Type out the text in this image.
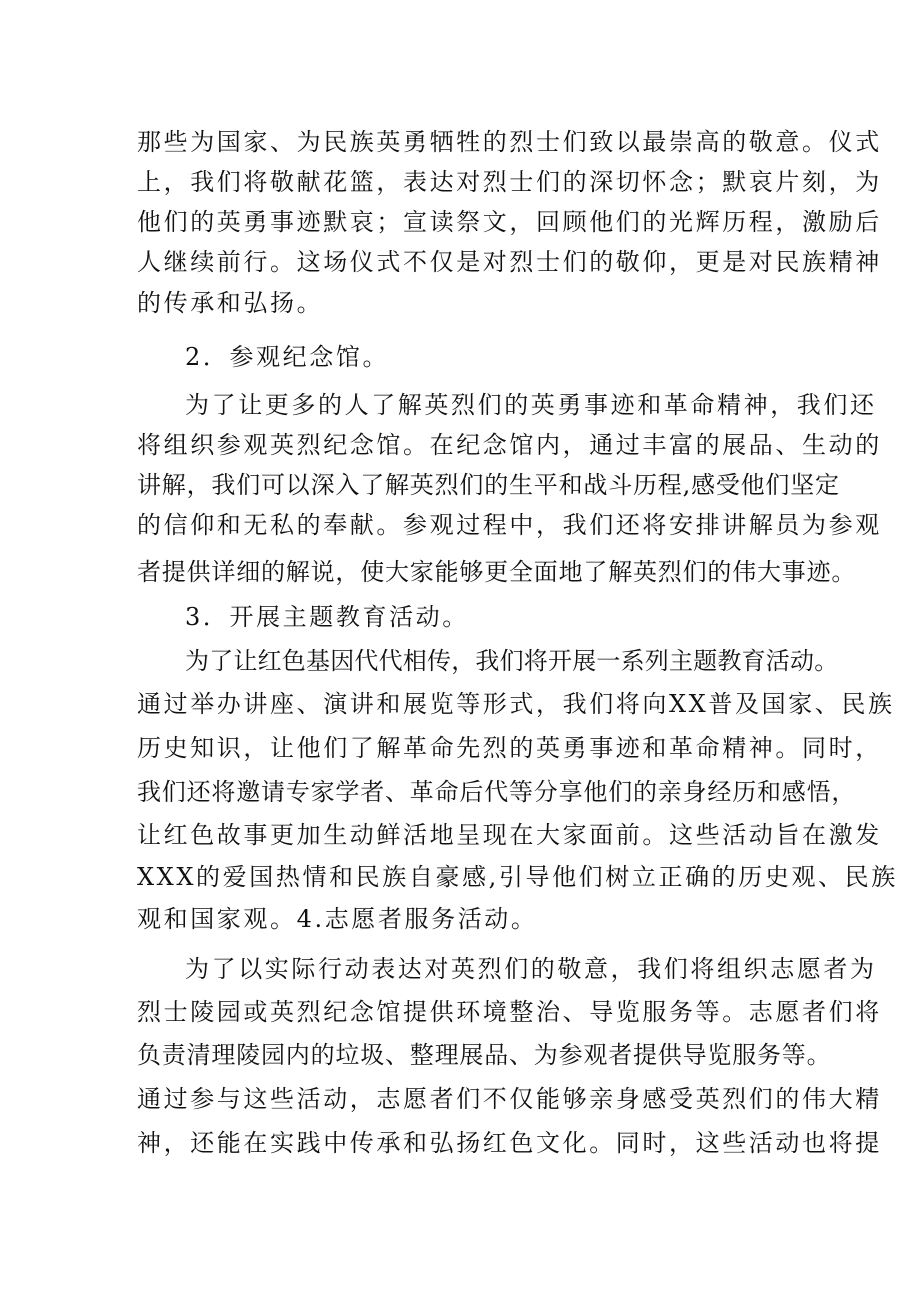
那些为国家、为民族英勇牺牲的烈士们致以最崇高的敬意。仪式
上，我们将敬献花篮，表达对烈士们的深切怀念；默哀片刻，为
他们的英勇事迹默哀；宣读祭文，回顾他们的光辉历程，激励后
人继续前行。这场仪式不仅是对烈士们的敬仰，更是对民族精神
的传承和弘扬。
2．参观纪念馆。
为了让更多的人了解英烈们的英勇事迹和革命精神，我们还
将组织参观英烈纪念馆。在纪念馆内，通过丰富的展品、生动的
讲解，我们可以深入了解英烈们的生平和战斗历程,感受他们坚定
的信仰和无私的奉献。参观过程中，我们还将安排讲解员为参观
者提供详细的解说，使大家能够更全面地了解英烈们的伟大事迹。
3．开展主题教育活动。
为了让红色基因代代相传，我们将开展一系列主题教育活动。
通过举办讲座、演讲和展览等形式，我们将向XX普及国家、民族
历史知识，让他们了解革命先烈的英勇事迹和革命精神。同时，
我们还将邀请专家学者、革命后代等分享他们的亲身经历和感悟，
让红色故事更加生动鲜活地呈现在大家面前。这些活动旨在激发
XXX的爱国热情和民族自豪感,引导他们树立正确的历史观、民族
观和国家观。4.志愿者服务活动。
为了以实际行动表达对英烈们的敬意，我们将组织志愿者为
烈士陵园或英烈纪念馆提供环境整治、导览服务等。志愿者们将
负责清理陵园内的垃圾、整理展品、为参观者提供导览服务等。
通过参与这些活动，志愿者们不仅能够亲身感受英烈们的伟大精
神，还能在实践中传承和弘扬红色文化。同时，这些活动也将提
